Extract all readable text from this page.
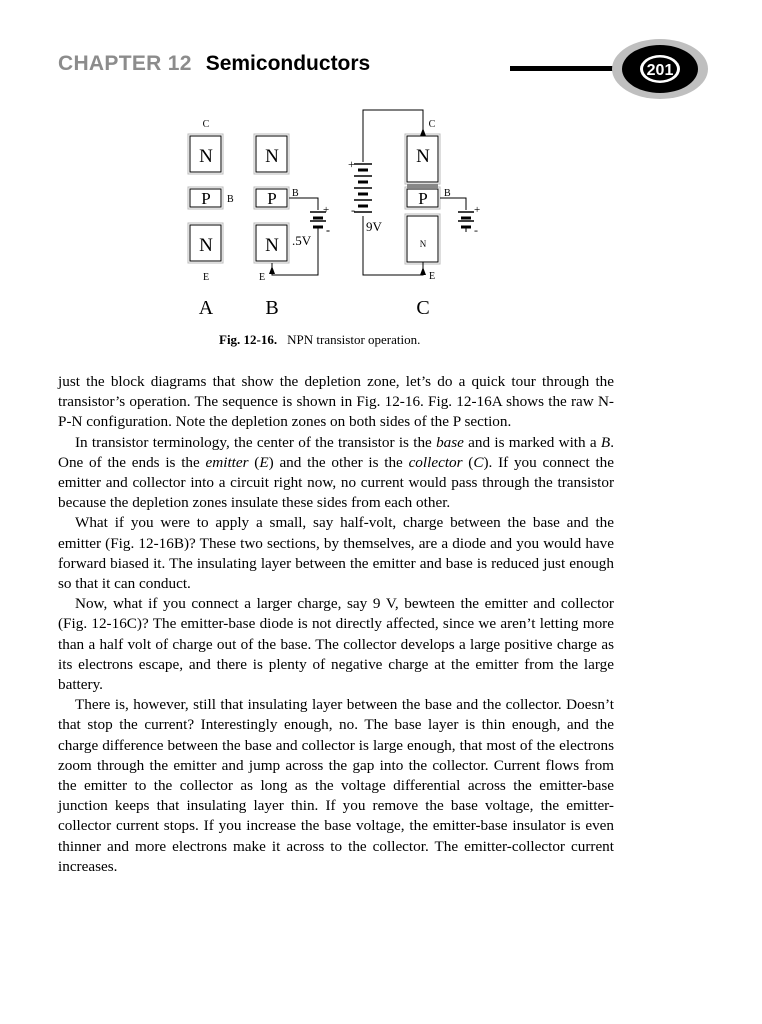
CHAPTER 12 Semiconductors	201
C
N
P B
N
E
A
N
P B
N .5V
+
-
E
B
C
N
P B
N
E
9V
+
-	+
-
C
Fig. 12-16. NPN transistor operation.

just the block diagrams that show the depletion zone, let’s do a quick tour through the transistor’s operation. The sequence is shown in Fig. 12-16. Fig. 12-16A shows the raw N-P-N configuration. Note the depletion zones on both sides of the P section.

In transistor terminology, the center of the transistor is the base and is marked with a B. One of the ends is the emitter (E) and the other is the collector (C). If you connect the emitter and collector into a circuit right now, no current would pass through the transistor because the depletion zones insulate these sides from each other.

What if you were to apply a small, say half-volt, charge between the base and the emitter (Fig. 12-16B)? These two sections, by themselves, are a diode and you would have forward biased it. The insulating layer between the emitter and base is reduced just enough so that it can conduct.

Now, what if you connect a larger charge, say 9 V, bewteen the emitter and collector (Fig. 12-16C)? The emitter-base diode is not directly affected, since we aren’t letting more than a half volt of charge out of the base. The collector develops a large positive charge as its electrons escape, and there is plenty of negative charge at the emitter from the large battery.

There is, however, still that insulating layer between the base and the collector. Doesn’t that stop the current? Interestingly enough, no. The base layer is thin enough, and the charge difference between the base and collector is large enough, that most of the electrons zoom through the emitter and jump across the gap into the collector. Current flows from the emitter to the collector as long as the voltage differential across the emitter-base junction keeps that insulating layer thin. If you remove the base voltage, the emitter-collector current stops. If you increase the base voltage, the emitter-base insulator is even thinner and more electrons make it across to the collector. The emitter-collector current increases.
